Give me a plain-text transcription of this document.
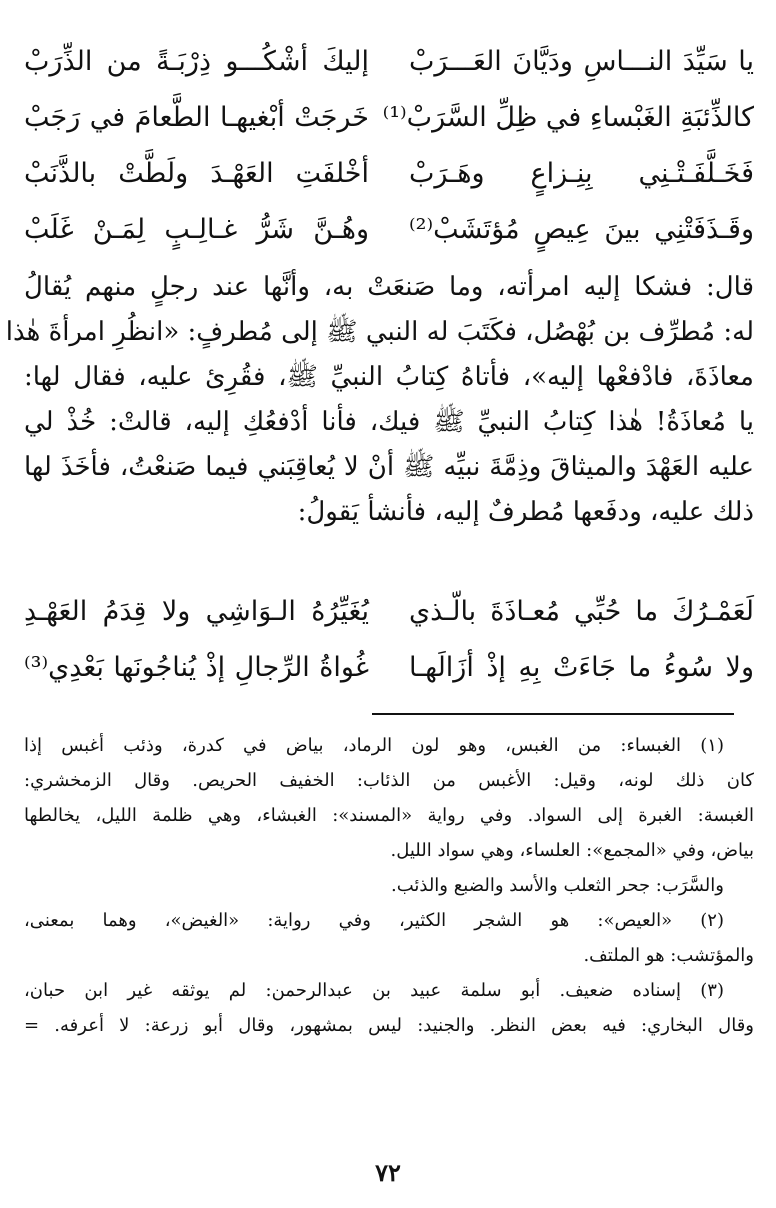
يا سَيِّدَ النـــاسِ ودَيَّانَ العَـــرَبْ
إليكَ أشْكُـــو ذِرْبَـةً من الذِّرَبْ
كالذِّئبَةِ الغَبْساءِ في ظِلِّ السَّرَبْ⁽¹⁾
خَرجَتْ أبْغيهـا الطَّعامَ في رَجَبْ
فَخَـلَّفَـتْـنِي بِنِـزاعٍ وهَـرَبْ
أخْلفَتِ العَهْـدَ ولَطَّتْ بالذَّنَبْ
وقَـذَفَتْنِي بينَ عِيصٍ مُؤتَشَبْ⁽²⁾
وهُـنَّ شَرُّ غـالِـبٍ لِمَـنْ غَلَبْ
قال: فشكا إليه امرأته، وما صَنعَتْ به، وأنَّها عند رجلٍ منهم يُقالُ
له: مُطرِّف بن بُهْصُل، فكَتَبَ له النبي ﷺ إلى مُطرفٍ: «انظُرِ امرأةَ هٰذا
معاذَةَ، فادْفعْها إليه»، فأتاهُ كِتابُ النبيِّ ﷺ، فقُرِئ عليه، فقال لها:
يا مُعاذَةُ! هٰذا كِتابُ النبيِّ ﷺ فيك، فأنا أدْفعُكِ إليه، قالتْ: خُذْ لي
عليه العَهْدَ والميثاقَ وذِمَّةَ نبيِّه ﷺ أنْ لا يُعاقِبَني فيما صَنعْتُ، فأخَذَ لها
ذلك عليه، ودفَعها مُطرفٌ إليه، فأنشأ يَقولُ:
لَعَمْـرُكَ ما حُبِّي مُعـاذَةَ بالّـذي
يُغَيِّرُهُ الـوَاشِي ولا قِدَمُ العَهْـدِ
ولا سُوءُ ما جَاءَتْ بِهِ إذْ أزَالَهـا
غُواةُ الرِّجالِ إذْ يُناجُونَها بَعْدِي⁽³⁾
(١) الغبساء: من الغبس، وهو لون الرماد، بياض في كدرة، وذئب أغبس إذا
كان ذلك لونه، وقيل: الأغبس من الذئاب: الخفيف الحريص. وقال الزمخشري:
الغبسة: الغبرة إلى السواد. وفي رواية «المسند»: الغبشاء، وهي ظلمة الليل، يخالطها
بياض، وفي «المجمع»: العلساء، وهي سواد الليل.
والسَّرَب: جحر الثعلب والأسد والضبع والذئب.
(٢) «العيص»: هو الشجر الكثير، وفي رواية: «الغيض»، وهما بمعنى،
والمؤتشب: هو الملتف.
(٣) إسناده ضعيف. أبو سلمة عبيد بن عبدالرحمن: لم يوثقه غير ابن حبان،
وقال البخاري: فيه بعض النظر. والجنيد: ليس بمشهور، وقال أبو زرعة: لا أعرفه. =
٧٢
